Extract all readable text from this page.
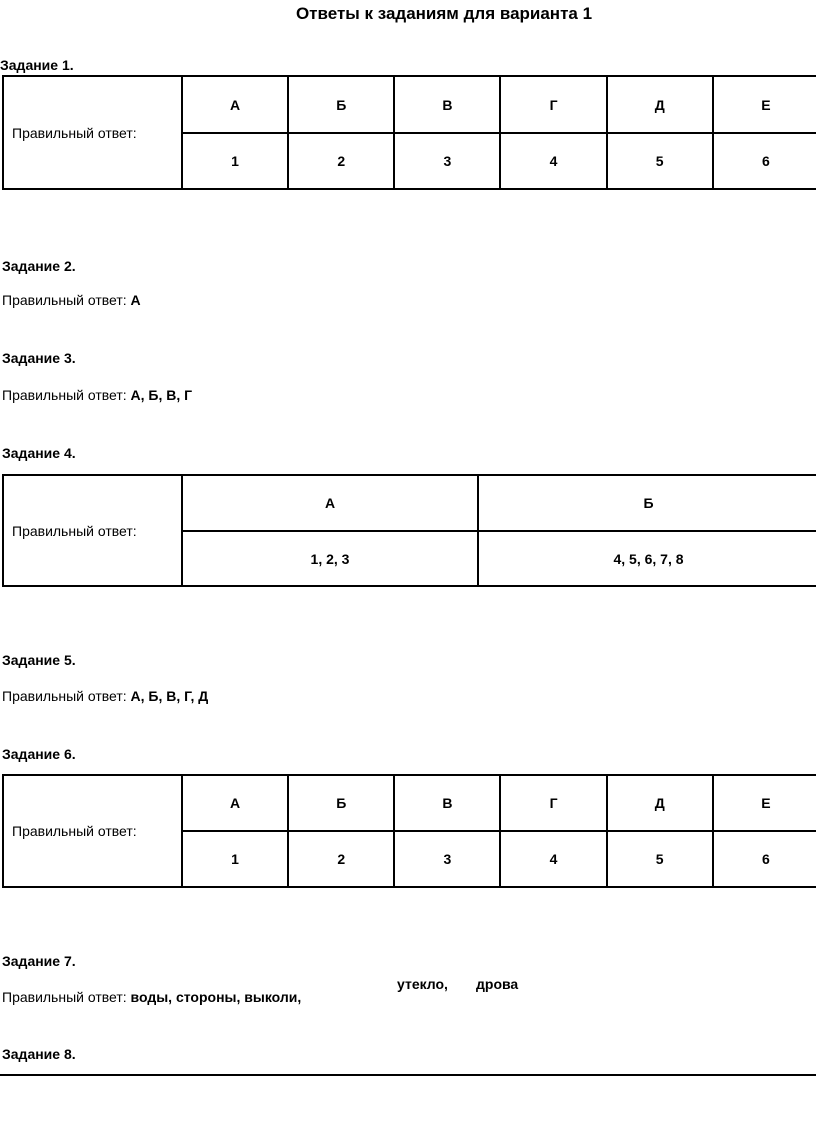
Ответы к заданиям для варианта 1
Задание 1.
Правильный ответ:	А	Б	В	Г	Д	Е
	1	2	3	4	5	6
Задание 2.
Правильный ответ: А
Задание 3.
Правильный ответ: А, Б, В, Г
Задание 4.
Правильный ответ:	А	Б
	1, 2, 3	4, 5, 6, 7, 8
Задание 5.
Правильный ответ: А, Б, В, Г, Д
Задание 6.
Правильный ответ:	А	Б	В	Г	Д	Е
	1	2	3	4	5	6
Задание 7.
Правильный ответ: воды, стороны, выколи,
утекло, дрова
Задание 8.
